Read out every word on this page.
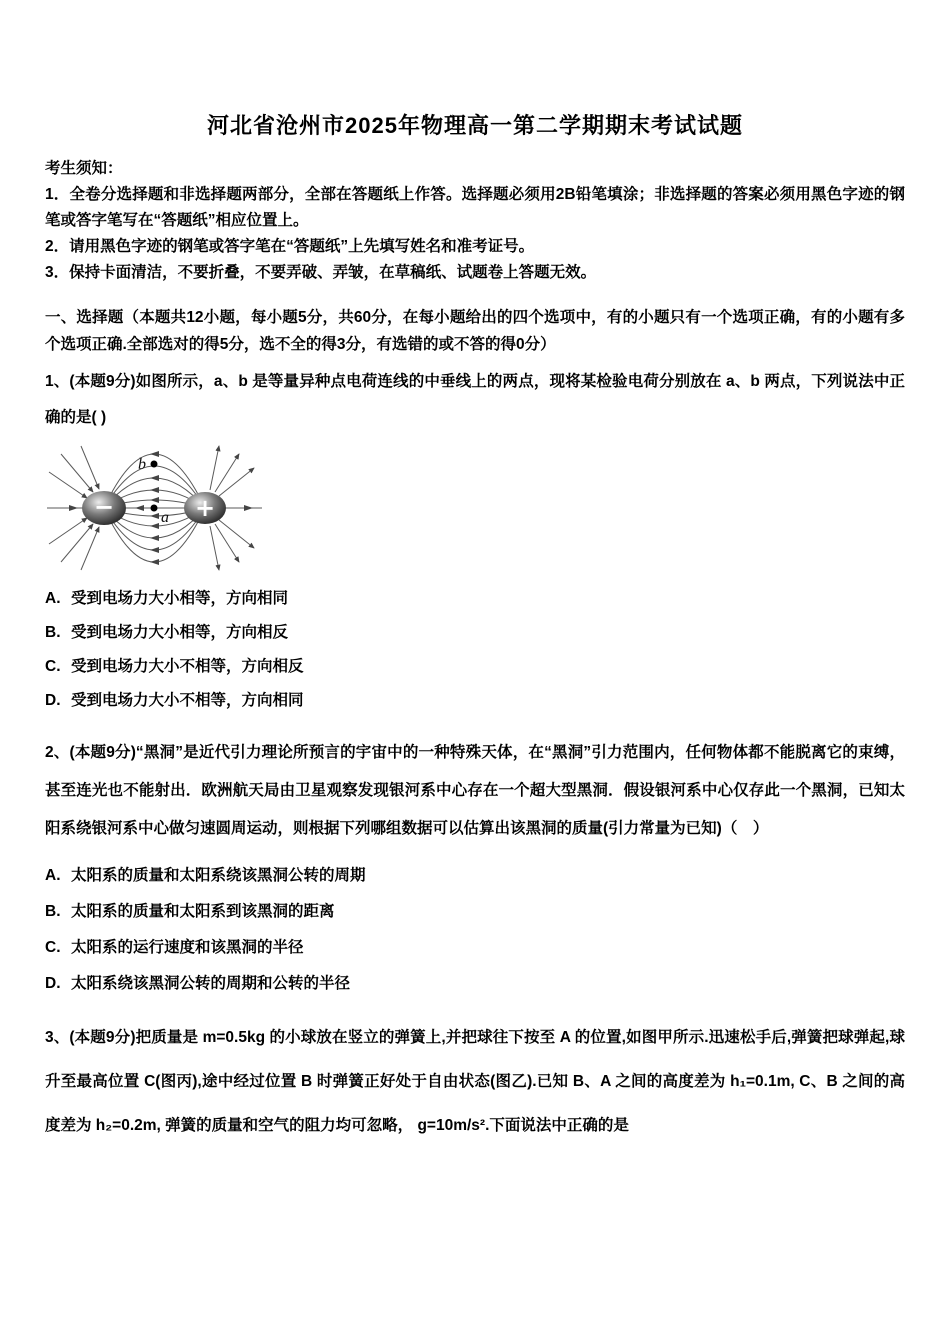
河北省沧州市2025年物理高一第二学期期末考试试题

考生须知：

1．全卷分选择题和非选择题两部分，全部在答题纸上作答。选择题必须用2B铅笔填涂；非选择题的答案必须用黑色字迹的钢笔或答字笔写在“答题纸”相应位置上。

2．请用黑色字迹的钢笔或答字笔在“答题纸”上先填写姓名和准考证号。

3．保持卡面清洁，不要折叠，不要弄破、弄皱，在草稿纸、试题卷上答题无效。

一、选择题（本题共12小题，每小题5分，共60分，在每小题给出的四个选项中，有的小题只有一个选项正确，有的小题有多个选项正确.全部选对的得5分，选不全的得3分，有选错的或不答的得0分）

1、(本题9分)如图所示，a、b 是等量异种点电荷连线的中垂线上的两点，现将某检验电荷分别放在 a、b 两点，下列说法中正确的是( )

−	+
b
a

A. 受到电场力大小相等，方向相同

B. 受到电场力大小相等，方向相反

C. 受到电场力大小不相等，方向相反

D. 受到电场力大小不相等，方向相同

2、(本题9分)“黑洞”是近代引力理论所预言的宇宙中的一种特殊天体，在“黑洞”引力范围内，任何物体都不能脱离它的束缚，甚至连光也不能射出．欧洲航天局由卫星观察发现银河系中心存在一个超大型黑洞．假设银河系中心仅存此一个黑洞，已知太阳系绕银河系中心做匀速圆周运动，则根据下列哪组数据可以估算出该黑洞的质量(引力常量为已知)（　）

A. 太阳系的质量和太阳系绕该黑洞公转的周期

B. 太阳系的质量和太阳系到该黑洞的距离

C. 太阳系的运行速度和该黑洞的半径

D. 太阳系绕该黑洞公转的周期和公转的半径

3、(本题9分)把质量是 m=0.5kg 的小球放在竖立的弹簧上,并把球往下按至 A 的位置,如图甲所示.迅速松手后,弹簧把球弹起,球升至最高位置 C(图丙),途中经过位置 B 时弹簧正好处于自由状态(图乙).已知 B、A 之间的高度差为 h₁=0.1m, C、B 之间的高度差为 h₂=0.2m, 弹簧的质量和空气的阻力均可忽略， g=10m/s².下面说法中正确的是
